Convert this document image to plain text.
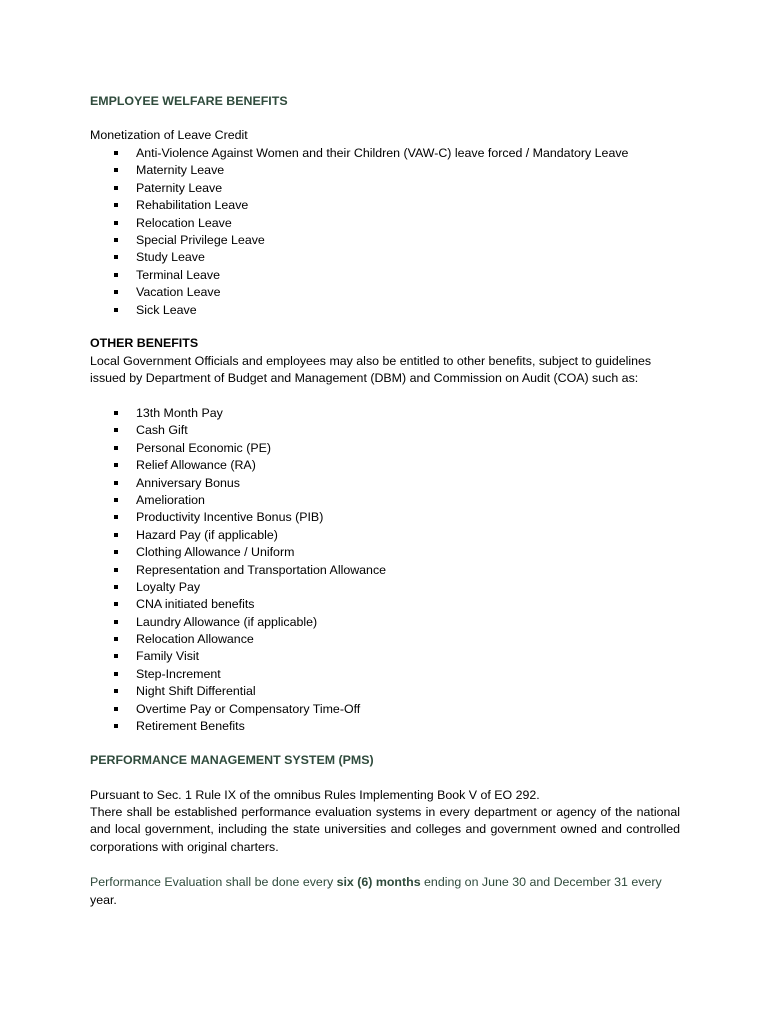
EMPLOYEE WELFARE BENEFITS
Monetization of Leave Credit
Anti-Violence Against Women and their Children (VAW-C) leave forced / Mandatory Leave
Maternity Leave
Paternity Leave
Rehabilitation Leave
Relocation Leave
Special Privilege Leave
Study Leave
Terminal Leave
Vacation Leave
Sick Leave
OTHER BENEFITS

Local Government Officials and employees may also be entitled to other benefits, subject to guidelines issued by Department of Budget and Management (DBM) and Commission on Audit (COA) such as:

13th Month Pay
Cash Gift
Personal Economic (PE)
Relief Allowance (RA)
Anniversary Bonus
Amelioration
Productivity Incentive Bonus (PIB)
Hazard Pay (if applicable)
Clothing Allowance / Uniform
Representation and Transportation Allowance
Loyalty Pay
CNA initiated benefits
Laundry Allowance (if applicable)
Relocation Allowance
Family Visit
Step-Increment
Night Shift Differential
Overtime Pay or Compensatory Time-Off
Retirement Benefits
PERFORMANCE MANAGEMENT SYSTEM (PMS)
Pursuant to Sec. 1 Rule IX of the omnibus Rules Implementing Book V of EO 292.

There shall be established performance evaluation systems in every department or agency of the national and local government, including the state universities and colleges and government owned and controlled corporations with original charters.

Performance Evaluation shall be done every six (6) months ending on June 30 and December 31 every

year.
